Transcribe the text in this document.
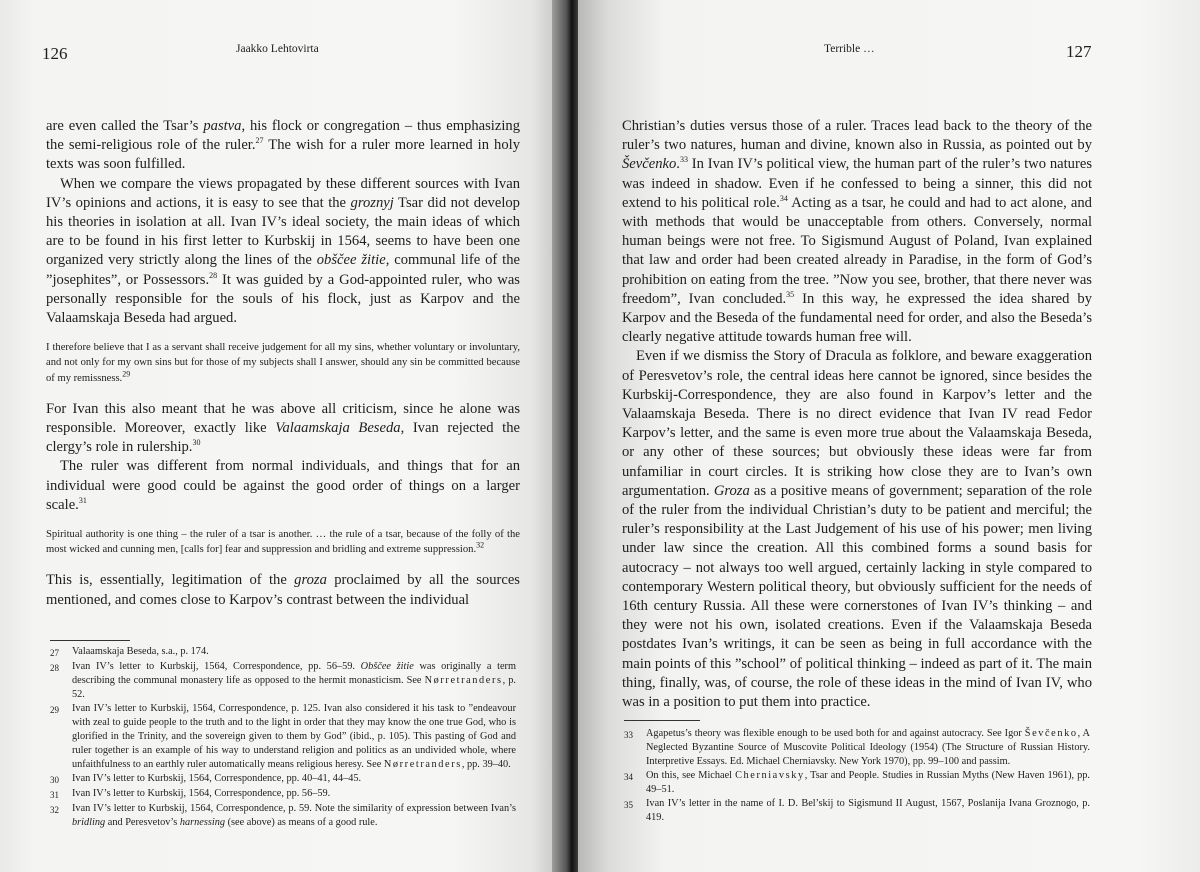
126	Jaakko Lehtovirta

are even called the Tsar’s pastva, his flock or congregation – thus emphasizing the semi-religious role of the ruler.$^{27}$ The wish for a ruler more learned in holy texts was soon fulfilled.

When we compare the views propagated by these different sources with Ivan IV’s opinions and actions, it is easy to see that the groznyj Tsar did not develop his theories in isolation at all. Ivan IV’s ideal society, the main ideas of which are to be found in his first letter to Kurbskij in 1564, seems to have been one organized very strictly along the lines of the obščee žitie, communal life of the ”josephites”, or Possessors.$^{28}$ It was guided by a God-appointed ruler, who was personally responsible for the souls of his flock, just as Karpov and the Valaamskaja Beseda had argued.

I therefore believe that I as a servant shall receive judgement for all my sins, whether voluntary or involuntary, and not only for my own sins but for those of my subjects shall I answer, should any sin be committed because of my remissness.$^{29}$

For Ivan this also meant that he was above all criticism, since he alone was responsible. Moreover, exactly like Valaamskaja Beseda, Ivan rejected the clergy’s role in rulership.$^{30}$

The ruler was different from normal individuals, and things that for an individual were good could be against the good order of things on a larger scale.$^{31}$

Spiritual authority is one thing – the ruler of a tsar is another. … the rule of a tsar, because of the folly of the most wicked and cunning men, [calls for] fear and suppression and bridling and extreme suppression.$^{32}$

This is, essentially, legitimation of the groza proclaimed by all the sources mentioned, and comes close to Karpov’s contrast between the individual

27	Valaamskaja Beseda, s.a., p. 174.
28	Ivan IV’s letter to Kurbskij, 1564, Correspondence, pp. 56–59. Obščee žitie was originally a term describing the communal monastery life as opposed to the hermit monasticism. See Nørretranders, p. 52.
29	Ivan IV’s letter to Kurbskij, 1564, Correspondence, p. 125. Ivan also considered it his task to ”endeavour with zeal to guide people to the truth and to the light in order that they may know the one true God, who is glorified in the Trinity, and the sovereign given to them by God” (ibid., p. 105). This pasting of God and ruler together is an example of his way to understand religion and politics as an undivided whole, where unfaithfulness to an earthly ruler automatically means religious heresy. See Nørretranders, pp. 39–40.
30	Ivan IV’s letter to Kurbskij, 1564, Correspondence, pp. 40–41, 44–45.
31	Ivan IV’s letter to Kurbskij, 1564, Correspondence, pp. 56–59.
32	Ivan IV’s letter to Kurbskij, 1564, Correspondence, p. 59. Note the similarity of expression between Ivan’s bridling and Peresvetov’s harnessing (see above) as means of a good rule.
Terrible …	127

Christian’s duties versus those of a ruler. Traces lead back to the theory of the ruler’s two natures, human and divine, known also in Russia, as pointed out by Ševčenko.$^{33}$ In Ivan IV’s political view, the human part of the ruler’s two natures was indeed in shadow. Even if he confessed to being a sinner, this did not extend to his political role.$^{34}$ Acting as a tsar, he could and had to act alone, and with methods that would be unacceptable from others. Conversely, normal human beings were not free. To Sigismund August of Poland, Ivan explained that law and order had been created already in Paradise, in the form of God’s prohibition on eating from the tree. ”Now you see, brother, that there never was freedom”, Ivan concluded.$^{35}$ In this way, he expressed the idea shared by Karpov and the Beseda of the fundamental need for order, and also the Beseda’s clearly negative attitude towards human free will.

Even if we dismiss the Story of Dracula as folklore, and beware exaggeration of Peresvetov’s role, the central ideas here cannot be ignored, since besides the Kurbskij-Correspondence, they are also found in Karpov’s letter and the Valaamskaja Beseda. There is no direct evidence that Ivan IV read Fedor Karpov’s letter, and the same is even more true about the Valaamskaja Beseda, or any other of these sources; but obviously these ideas were far from unfamiliar in court circles. It is striking how close they are to Ivan’s own argumentation. Groza as a positive means of government; separation of the role of the ruler from the individual Christian’s duty to be patient and merciful; the ruler’s responsibility at the Last Judgement of his use of his power; men living under law since the creation. All this combined forms a sound basis for autocracy – not always too well argued, certainly lacking in style compared to contemporary Western political theory, but obviously sufficient for the needs of 16th century Russia. All these were cornerstones of Ivan IV’s thinking – and they were not his own, isolated creations. Even if the Valaamskaja Beseda postdates Ivan’s writings, it can be seen as being in full accordance with the main points of this ”school” of political thinking – indeed as part of it. The main thing, finally, was, of course, the role of these ideas in the mind of Ivan IV, who was in a position to put them into practice.

33	Agapetus’s theory was flexible enough to be used both for and against autocracy. See Igor Ševčenko, A Neglected Byzantine Source of Muscovite Political Ideology (1954) (The Structure of Russian History. Interpretive Essays. Ed. Michael Cherniavsky. New York 1970), pp. 99–100 and passim.
34	On this, see Michael Cherniavsky, Tsar and People. Studies in Russian Myths (New Haven 1961), pp. 49–51.
35	Ivan IV’s letter in the name of I. D. Bel’skij to Sigismund II August, 1567, Poslanija Ivana Groznogo, p. 419.
